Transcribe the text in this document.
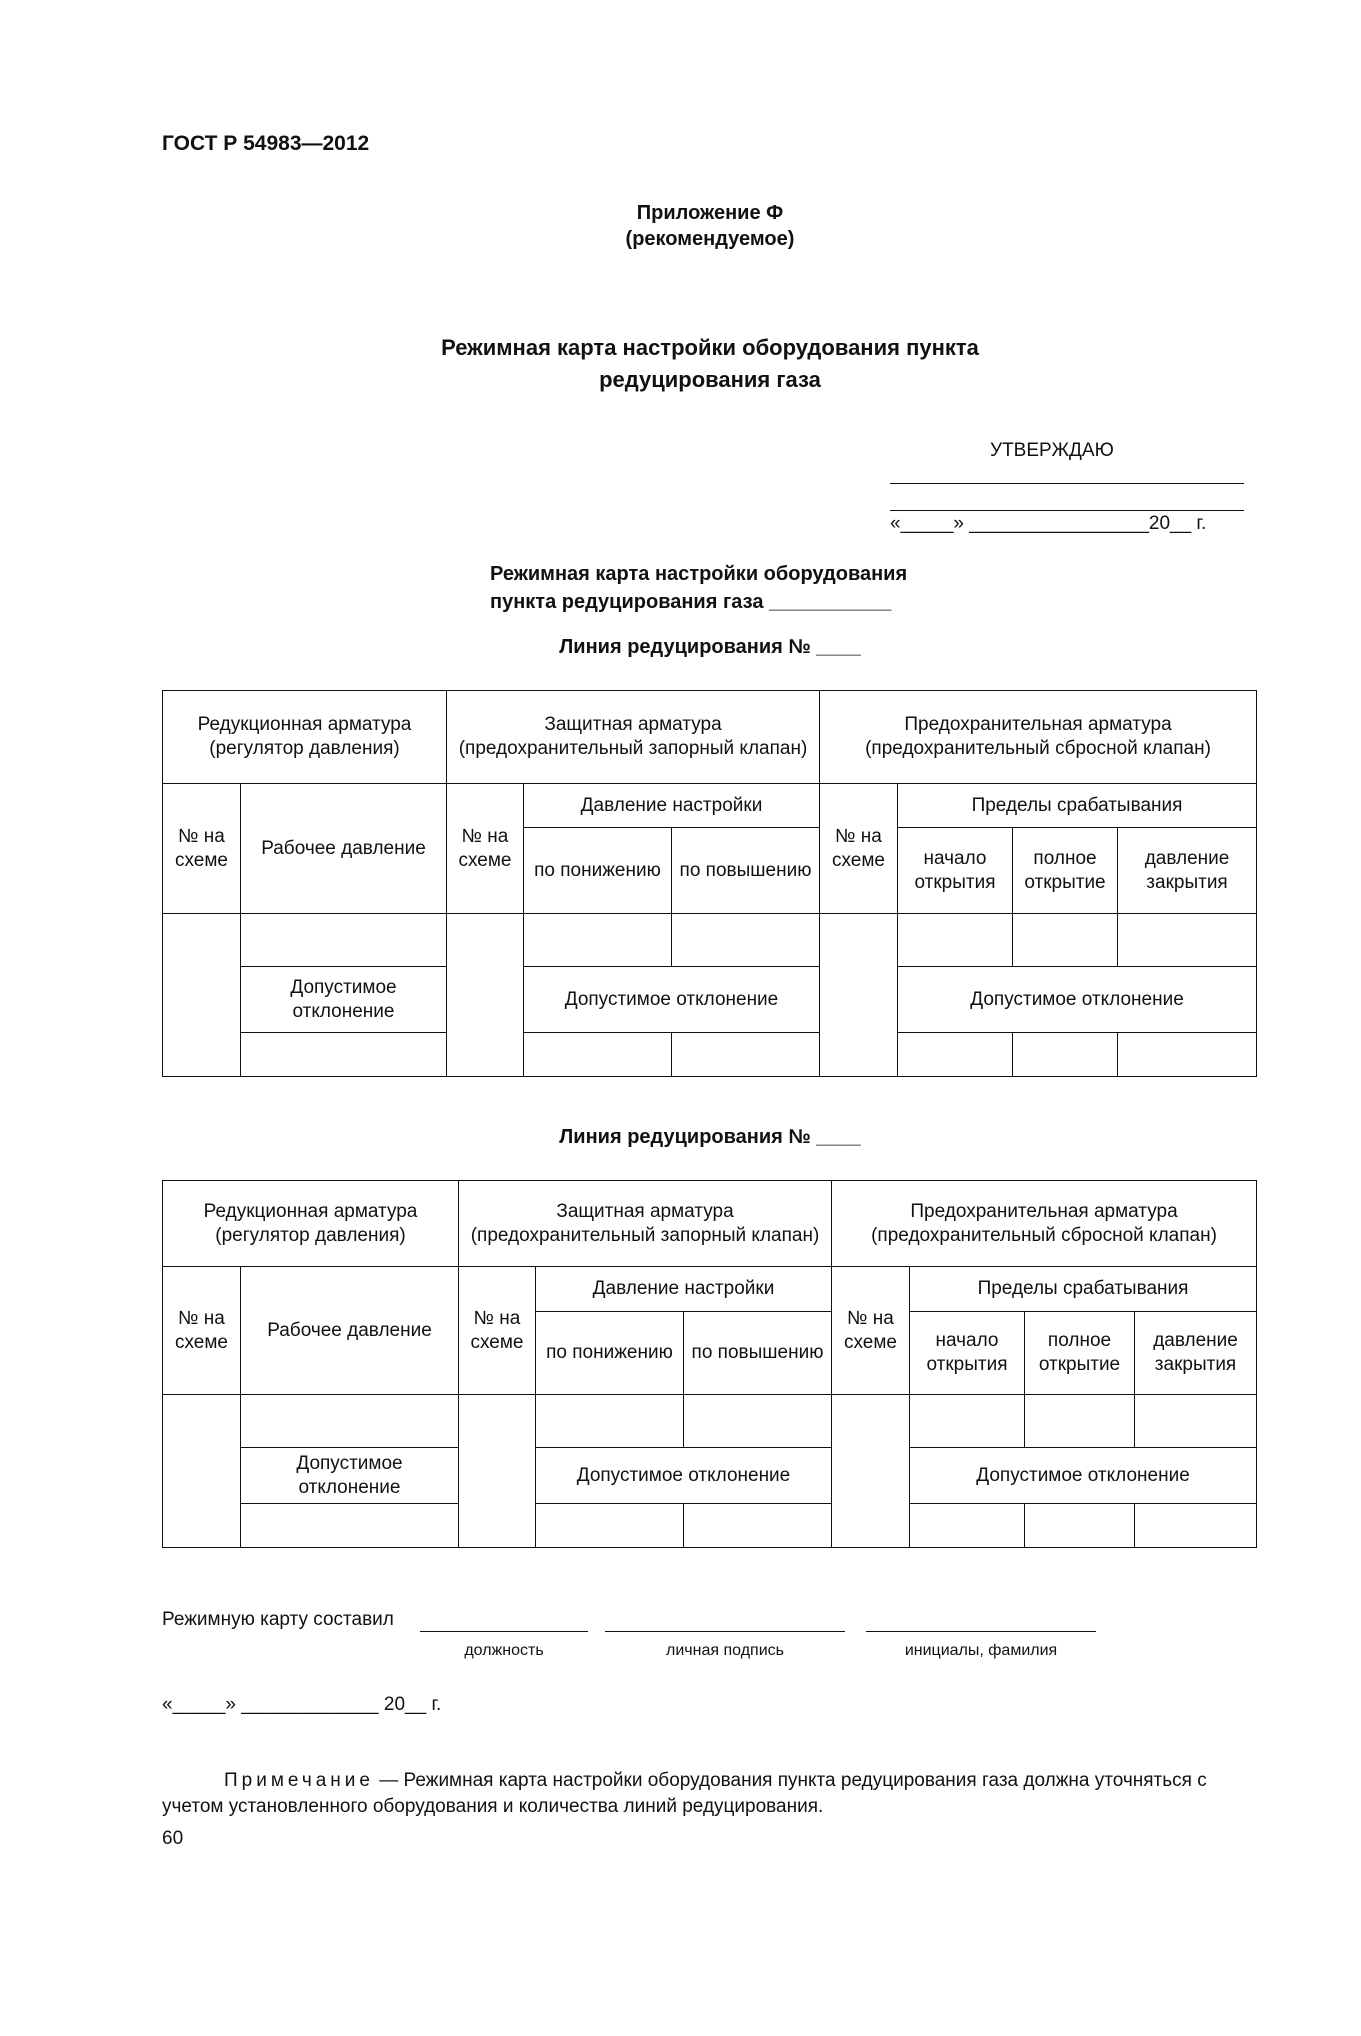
ГОСТ Р 54983—2012
Приложение Ф
(рекомендуемое)
Режимная карта настройки оборудования пункта
редуцирования газа
УТВЕРЖДАЮ
«_____» _________________20__ г.
Режимная карта настройки оборудования
пункта редуцирования газа ___________
Линия редуцирования № ____
Редукционная арматура (регулятор давления)		Защитная арматура (предохранительный запорный клапан)			Предохранительная арматура (предохранительный сбросной клапан)			
№ на схеме	Рабочее давление	№ на схеме	Давление настройки		№ на схеме	Пределы срабатывания		
			по понижению	по повышению		начало открытия	полное открытие	давление закрытия

	Допустимое отклонение		Допустимое отклонение			Допустимое отклонение		

Линия редуцирования № ____
Редукционная арматура (регулятор давления)		Защитная арматура (предохранительный запорный клапан)			Предохранительная арматура (предохранительный сбросной клапан)			
№ на схеме	Рабочее давление	№ на схеме	Давление настройки		№ на схеме	Пределы срабатывания		
			по понижению	по повышению		начало открытия	полное открытие	давление закрытия

	Допустимое отклонение		Допустимое отклонение			Допустимое отклонение		

Режимную карту составил
должность	личная подпись	инициалы, фамилия
«_____» _____________ 20__ г.
Примечание — Режимная карта настройки оборудования пункта редуцирования газа должна уточняться с учетом установленного оборудования и количества линий редуцирования.
60
